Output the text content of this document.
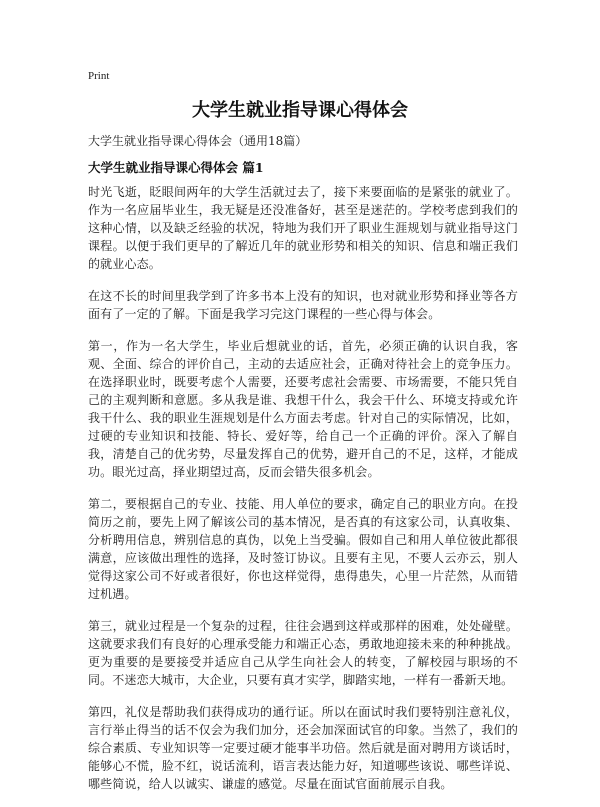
Print
大学生就业指导课心得体会
大学生就业指导课心得体会（通用18篇）
大学生就业指导课心得体会 篇1

时光飞逝，眨眼间两年的大学生活就过去了，接下来要面临的是紧张的就业了。作为一名应届毕业生，我无疑是还没准备好，甚至是迷茫的。学校考虑到我们的这种心情，以及缺乏经验的状况，特地为我们开了职业生涯规划与就业指导这门课程。以便于我们更早的了解近几年的就业形势和相关的知识、信息和端正我们的就业心态。

在这不长的时间里我学到了许多书本上没有的知识，也对就业形势和择业等各方面有了一定的了解。下面是我学习完这门课程的一些心得与体会。

第一，作为一名大学生，毕业后想就业的话，首先，必须正确的认识自我，客观、全面、综合的评价自己，主动的去适应社会，正确对待社会上的竞争压力。在选择职业时，既要考虑个人需要，还要考虑社会需要、市场需要，不能只凭自己的主观判断和意愿。多从我是谁、我想干什么，我会干什么、环境支持或允许我干什么、我的职业生涯规划是什么方面去考虑。针对自己的实际情况，比如，过硬的专业知识和技能、特长、爱好等，给自己一个正确的评价。深入了解自我，清楚自己的优劣势，尽量发挥自己的优势，避开自己的不足，这样，才能成功。眼光过高，择业期望过高，反而会错失很多机会。

第二，要根据自己的专业、技能、用人单位的要求，确定自己的职业方向。在投简历之前，要先上网了解该公司的基本情况，是否真的有这家公司，认真收集、分析聘用信息，辨别信息的真伪，以免上当受骗。假如自己和用人单位彼此都很满意，应该做出理性的选择，及时签订协议。且要有主见，不要人云亦云，别人觉得这家公司不好或者很好，你也这样觉得，患得患失，心里一片茫然，从而错过机遇。

第三，就业过程是一个复杂的过程，往往会遇到这样或那样的困难，处处碰壁。这就要求我们有良好的心理承受能力和端正心态，勇敢地迎接未来的种种挑战。更为重要的是要接受并适应自己从学生向社会人的转变，了解校园与职场的不同。不迷恋大城市，大企业，只要有真才实学，脚踏实地，一样有一番新天地。

第四，礼仪是帮助我们获得成功的通行证。所以在面试时我们要特别注意礼仪，言行举止得当的话不仅会为我们加分，还会加深面试官的印象。当然了，我们的综合素质、专业知识等一定要过硬才能事半功倍。然后就是面对聘用方谈话时，能够心不慌，脸不红，说话流利，语言表达能力好，知道哪些该说、哪些详说、哪些简说，给人以诚实、谦虚的感觉。尽量在面试官面前展示自我。
